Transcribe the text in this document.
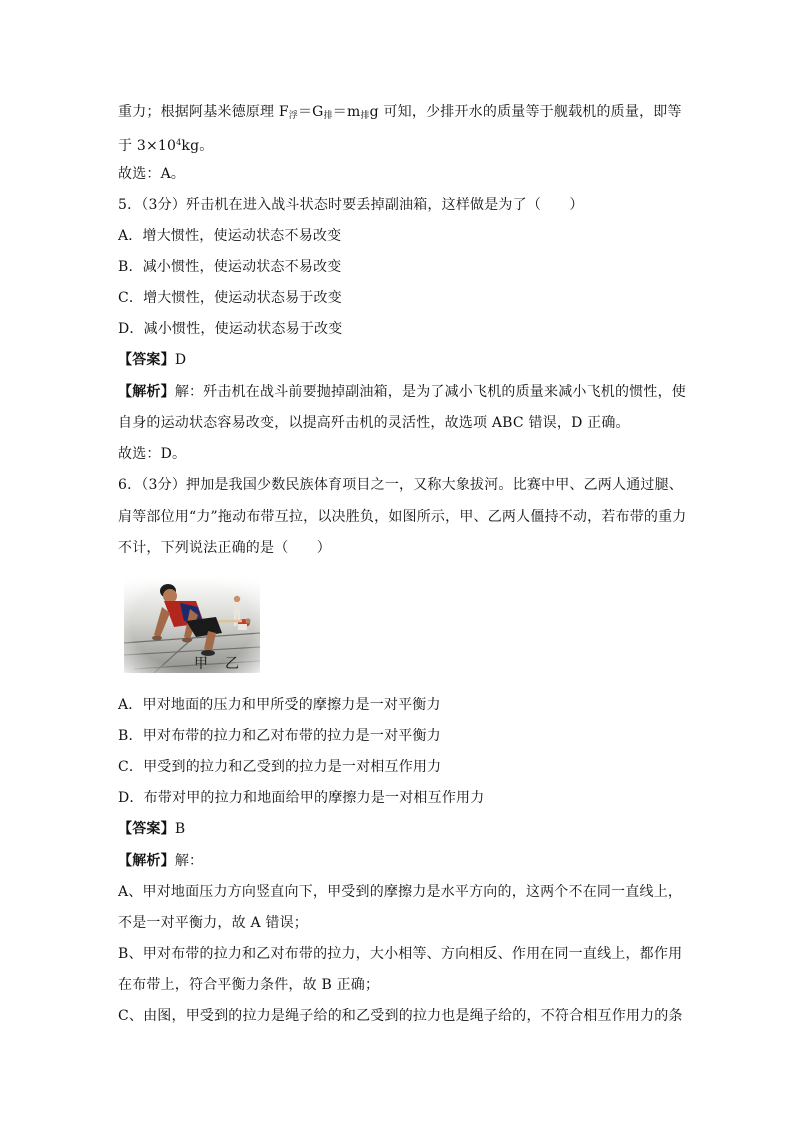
重力；根据阿基米德原理 $F_浮=G_排=m_排g$ 可知，少排开水的质量等于舰载机的质量，即等
于 $3\times 10^4kg$。
故选：A。
5．（3分）歼击机在进入战斗状态时要丢掉副油箱，这样做是为了（　　）
A．增大惯性，使运动状态不易改变
B．减小惯性，使运动状态不易改变
C．增大惯性，使运动状态易于改变
D．减小惯性，使运动状态易于改变
【答案】D
【解析】解：歼击机在战斗前要抛掉副油箱，是为了减小飞机的质量来减小飞机的惯性，使
自身的运动状态容易改变，以提高歼击机的灵活性，故选项 ABC 错误，D 正确。
故选：D。
6．（3分）押加是我国少数民族体育项目之一，又称大象拔河。比赛中甲、乙两人通过腿、
肩等部位用“力”拖动布带互拉，以决胜负，如图所示，甲、乙两人僵持不动，若布带的重力
不计，下列说法正确的是（　　）
甲 乙
A．甲对地面的压力和甲所受的摩擦力是一对平衡力
B．甲对布带的拉力和乙对布带的拉力是一对平衡力
C．甲受到的拉力和乙受到的拉力是一对相互作用力
D．布带对甲的拉力和地面给甲的摩擦力是一对相互作用力
【答案】B
【解析】解：
A、甲对地面压力方向竖直向下，甲受到的摩擦力是水平方向的，这两个不在同一直线上，
不是一对平衡力，故 A 错误；
B、甲对布带的拉力和乙对布带的拉力，大小相等、方向相反、作用在同一直线上，都作用
在布带上，符合平衡力条件，故 B 正确；
C、由图，甲受到的拉力是绳子给的和乙受到的拉力也是绳子给的，不符合相互作用力的条
